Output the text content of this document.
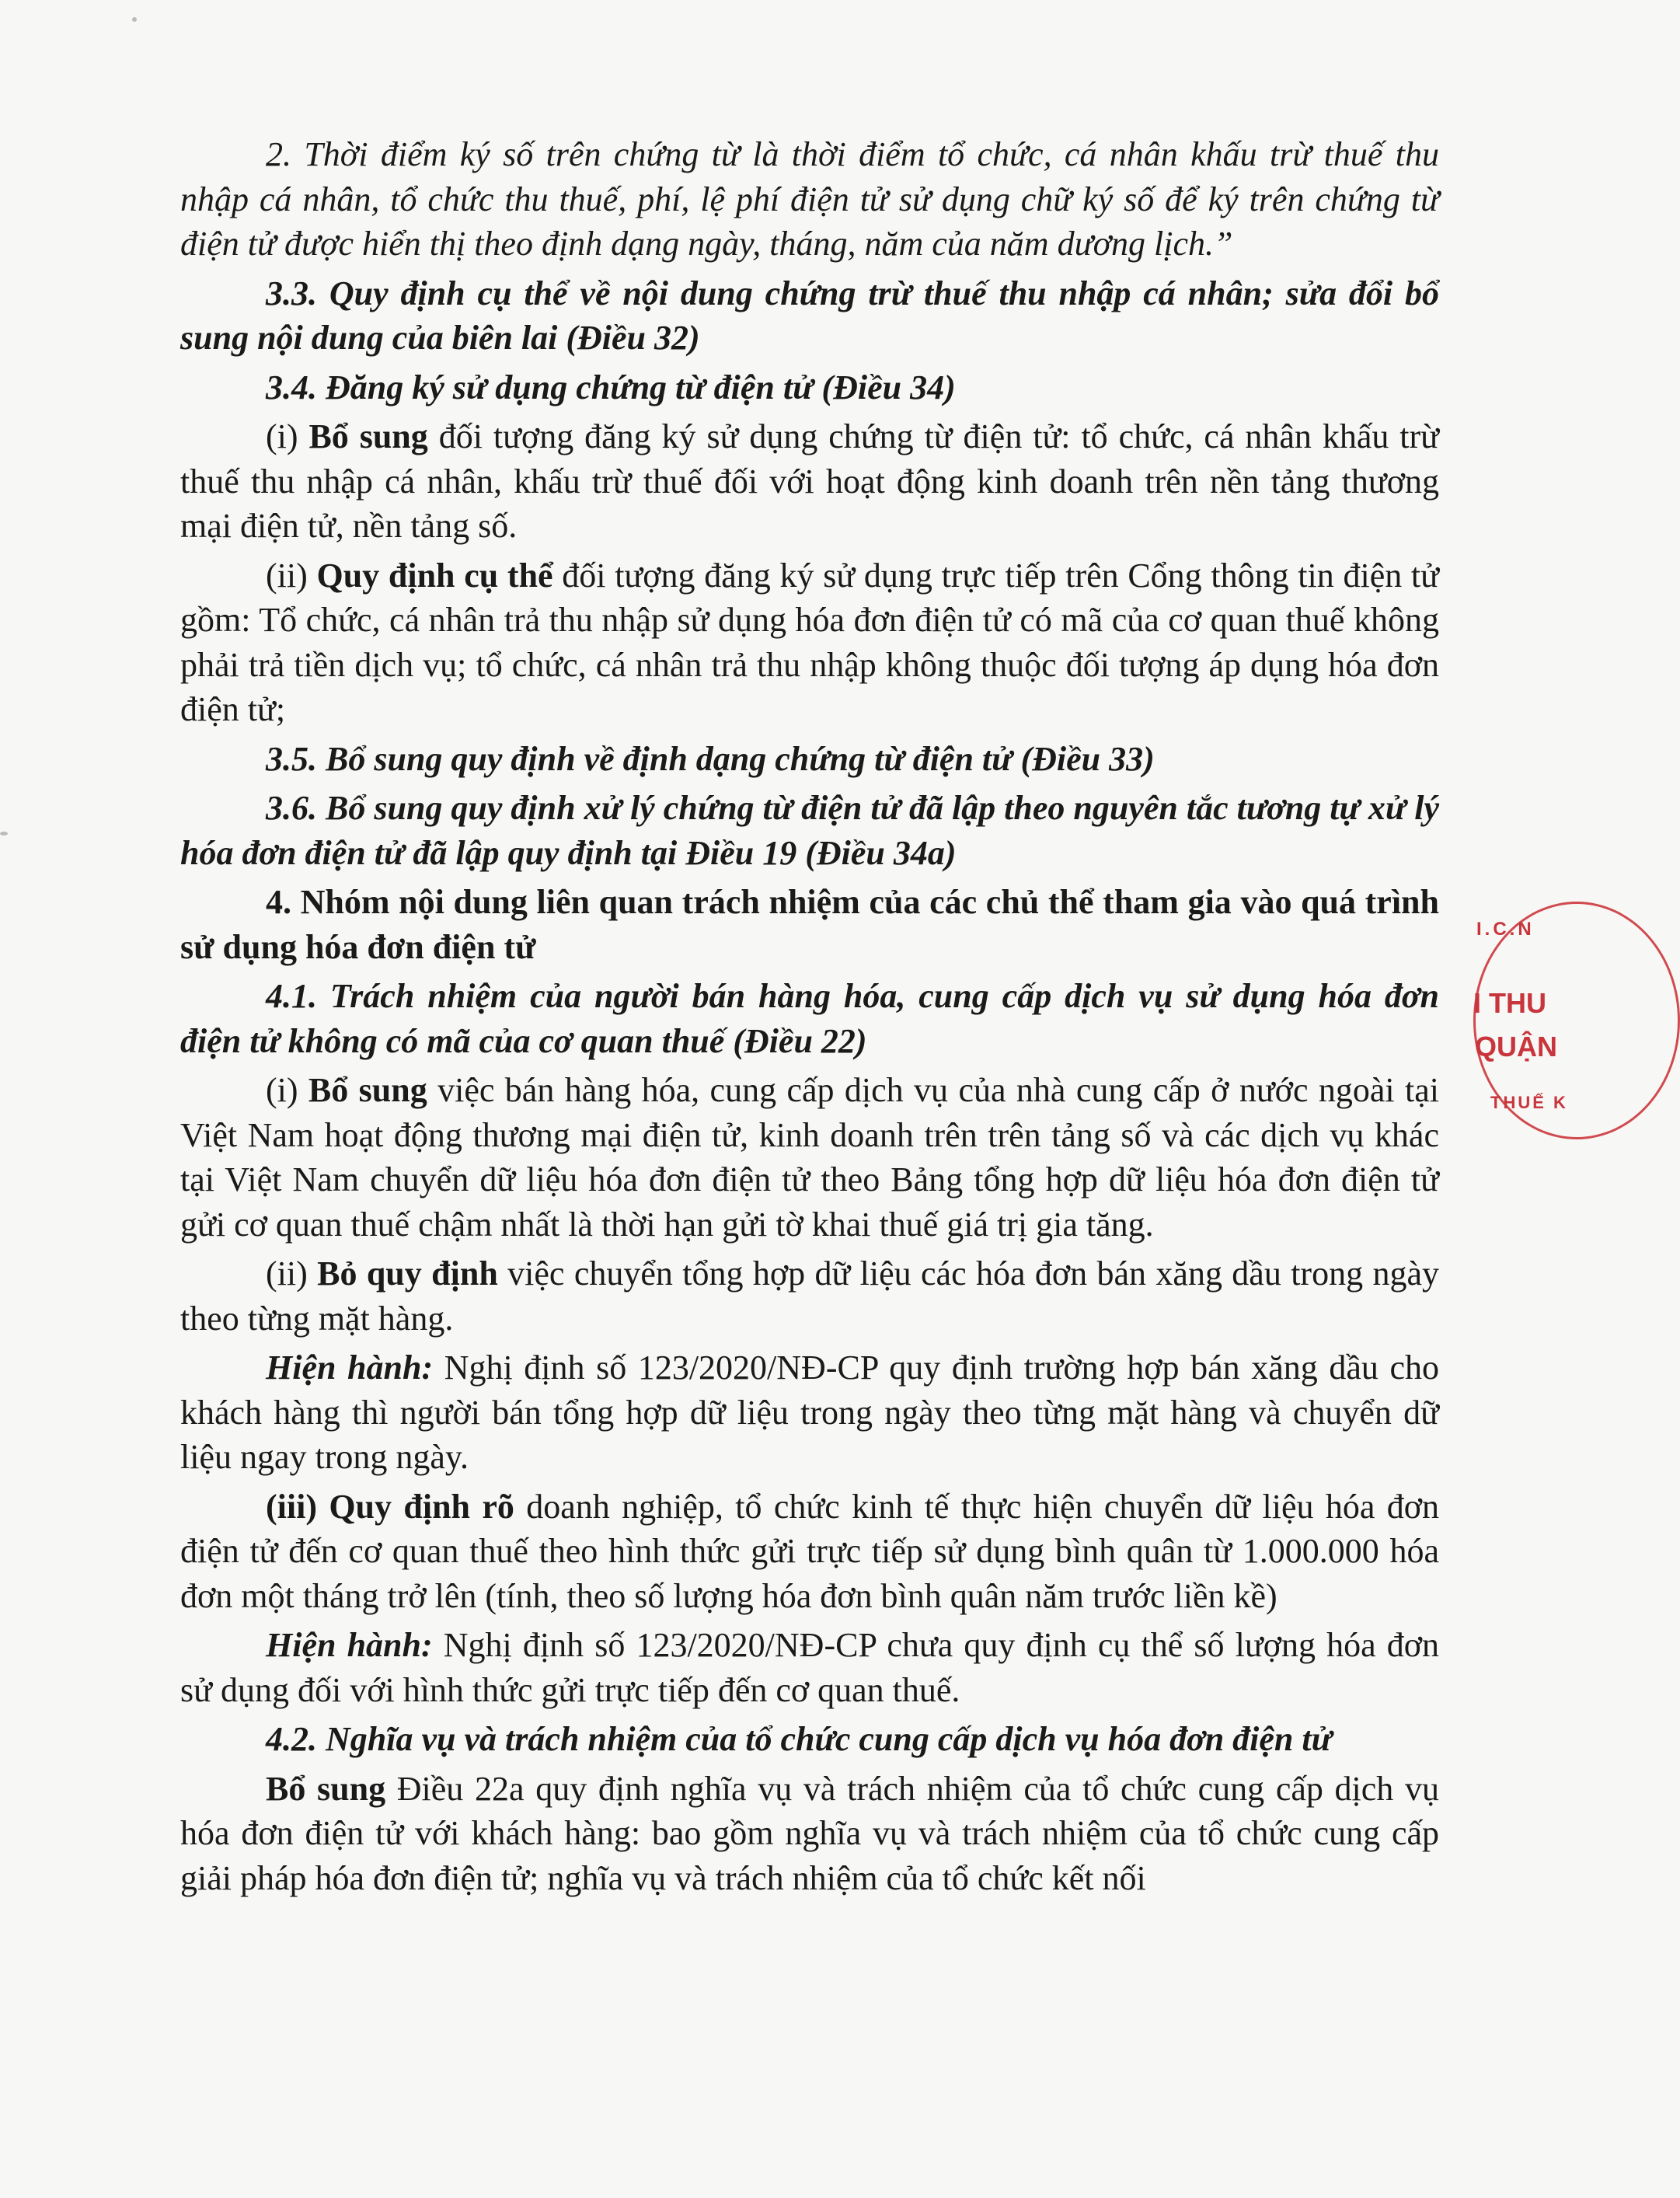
2. Thời điểm ký số trên chứng từ là thời điểm tổ chức, cá nhân khấu trừ thuế thu nhập cá nhân, tổ chức thu thuế, phí, lệ phí điện tử sử dụng chữ ký số để ký trên chứng từ điện tử được hiển thị theo định dạng ngày, tháng, năm của năm dương lịch.”

3.3. Quy định cụ thể về nội dung chứng trừ thuế thu nhập cá nhân; sửa đổi bổ sung nội dung của biên lai (Điều 32)

3.4. Đăng ký sử dụng chứng từ điện tử (Điều 34)

(i) Bổ sung đối tượng đăng ký sử dụng chứng từ điện tử: tổ chức, cá nhân khấu trừ thuế thu nhập cá nhân, khấu trừ thuế đối với hoạt động kinh doanh trên nền tảng thương mại điện tử, nền tảng số.

(ii) Quy định cụ thể đối tượng đăng ký sử dụng trực tiếp trên Cổng thông tin điện tử gồm: Tổ chức, cá nhân trả thu nhập sử dụng hóa đơn điện tử có mã của cơ quan thuế không phải trả tiền dịch vụ; tổ chức, cá nhân trả thu nhập không thuộc đối tượng áp dụng hóa đơn điện tử;

3.5. Bổ sung quy định về định dạng chứng từ điện tử (Điều 33)

3.6. Bổ sung quy định xử lý chứng từ điện tử đã lập theo nguyên tắc tương tự xử lý hóa đơn điện tử đã lập quy định tại Điều 19 (Điều 34a)

4. Nhóm nội dung liên quan trách nhiệm của các chủ thể tham gia vào quá trình sử dụng hóa đơn điện tử

4.1. Trách nhiệm của người bán hàng hóa, cung cấp dịch vụ sử dụng hóa đơn điện tử không có mã của cơ quan thuế (Điều 22)

(i) Bổ sung việc bán hàng hóa, cung cấp dịch vụ của nhà cung cấp ở nước ngoài tại Việt Nam hoạt động thương mại điện tử, kinh doanh trên trên tảng số và các dịch vụ khác tại Việt Nam chuyển dữ liệu hóa đơn điện tử theo Bảng tổng hợp dữ liệu hóa đơn điện tử gửi cơ quan thuế chậm nhất là thời hạn gửi tờ khai thuế giá trị gia tăng.

(ii) Bỏ quy định việc chuyển tổng hợp dữ liệu các hóa đơn bán xăng dầu trong ngày theo từng mặt hàng.

Hiện hành: Nghị định số 123/2020/NĐ-CP quy định trường hợp bán xăng dầu cho khách hàng thì người bán tổng hợp dữ liệu trong ngày theo từng mặt hàng và chuyển dữ liệu ngay trong ngày.

(iii) Quy định rõ doanh nghiệp, tổ chức kinh tế thực hiện chuyển dữ liệu hóa đơn điện tử đến cơ quan thuế theo hình thức gửi trực tiếp sử dụng bình quân từ 1.000.000 hóa đơn một tháng trở lên (tính, theo số lượng hóa đơn bình quân năm trước liền kề)

Hiện hành: Nghị định số 123/2020/NĐ-CP chưa quy định cụ thể số lượng hóa đơn sử dụng đối với hình thức gửi trực tiếp đến cơ quan thuế.

4.2. Nghĩa vụ và trách nhiệm của tổ chức cung cấp dịch vụ hóa đơn điện tử

Bổ sung Điều 22a quy định nghĩa vụ và trách nhiệm của tổ chức cung cấp dịch vụ hóa đơn điện tử với khách hàng: bao gồm nghĩa vụ và trách nhiệm của tổ chức cung cấp giải pháp hóa đơn điện tử; nghĩa vụ và trách nhiệm của tổ chức kết nối

I.C.N
I THU
QUẬN
THUẾ K
